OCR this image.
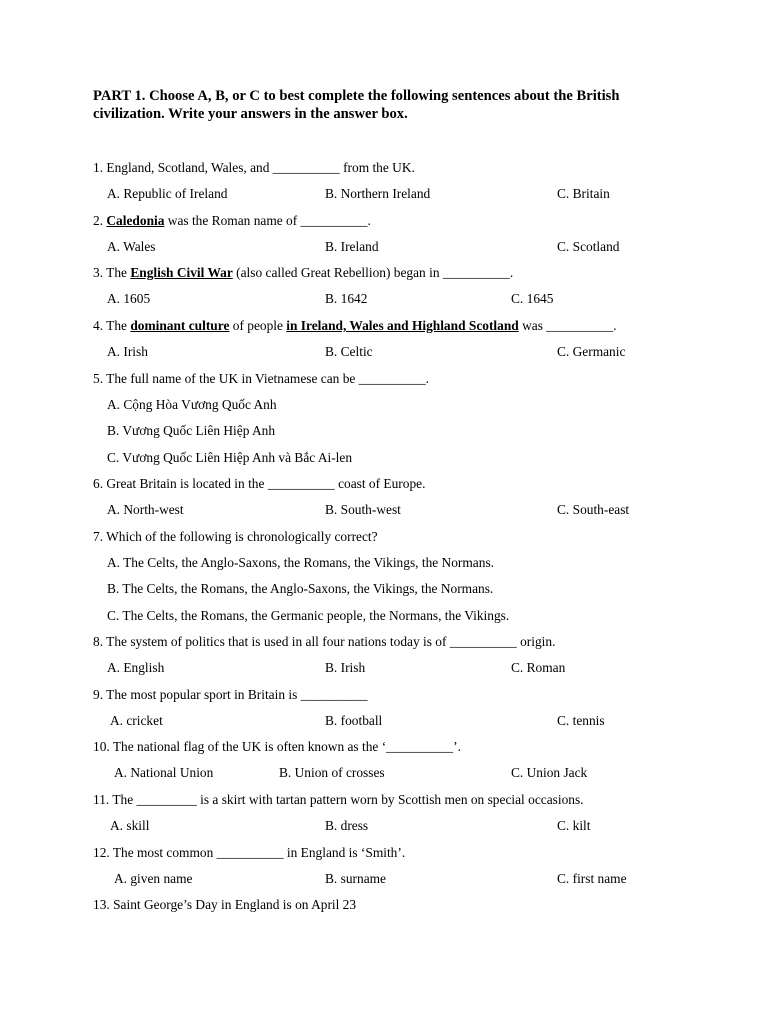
PART 1. Choose A, B, or C to best complete the following sentences about the British civilization. Write your answers in the answer box.

1. England, Scotland, Wales, and __________ from the UK.
A. Republic of Ireland	B. Northern Ireland	C. Britain
2. Caledonia was the Roman name of __________.
A. Wales	B. Ireland	C. Scotland
3. The English Civil War (also called Great Rebellion) began in __________.
A. 1605	B. 1642	C. 1645
4. The dominant culture of people in Ireland, Wales and Highland Scotland was __________.
A. Irish	B. Celtic	C. Germanic
5. The full name of the UK in Vietnamese can be __________.
A. Cộng Hòa Vương Quốc Anh
B. Vương Quốc Liên Hiệp Anh
C. Vương Quốc Liên Hiệp Anh và Bắc Ai-len
6. Great Britain is located in the __________ coast of Europe.
A. North-west	B. South-west	C. South-east
7. Which of the following is chronologically correct?
A. The Celts, the Anglo-Saxons, the Romans, the Vikings, the Normans.
B. The Celts, the Romans, the Anglo-Saxons, the Vikings, the Normans.
C. The Celts, the Romans, the Germanic people, the Normans, the Vikings.
8. The system of politics that is used in all four nations today is of __________ origin.
A. English	B. Irish	C. Roman
9. The most popular sport in Britain is __________
A. cricket	B. football	C. tennis
10. The national flag of the UK is often known as the ‘__________’.
A. National Union	B. Union of crosses	C. Union Jack
11. The _________ is a skirt with tartan pattern worn by Scottish men on special occasions.
A. skill	B. dress	C. kilt
12. The most common __________ in England is ‘Smith’.
A. given name	B. surname	C. first name
13. Saint George’s Day in England is on April 23
